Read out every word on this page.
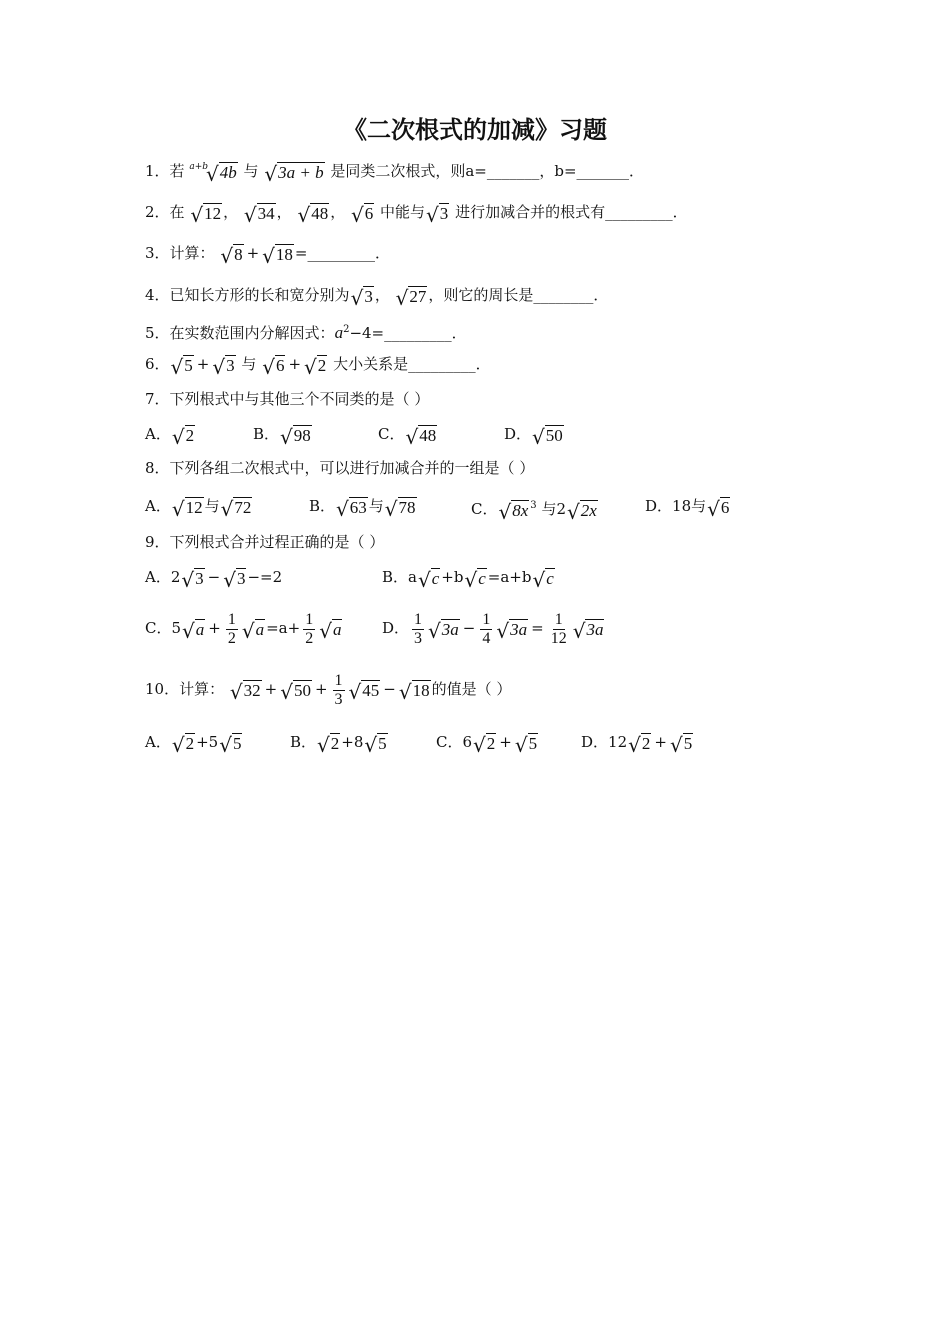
《二次根式的加减》习题
1．若 $^{a+b}$
√ 4b 与 √ 3a + b 是同类二次根式，则a=_______，b=_______．
2．在 √ 12 ， √ 34 ， √ 48 ， √ 6 中能与 √ 3 进行加减合并的根式有_________．
3．计算： √ 8 + √ 18 =_________．
4．已知长方形的长和宽分别为 √ 3 ， √ 27 ，则它的周长是________．
5．在实数范围内分解因式：$a^2-4=\_\_\_\_\_\_\_\_\_$．
6． √ 5 + √ 3 与 √ 6 + √ 2 大小关系是_________．
7．下列根式中与其他三个不同类的是（ ）
A． √ 2	B． √ 98	C． √ 48	D． √ 50
8．下列各组二次根式中，可以进行加减合并的一组是（ ）
A． √ 12 与 √ 72	B． √ 63 与 √ 78	C． √ 8x $^3$ 与2 √ 2x	D．18与 √ 6
9．下列根式合并过程正确的是（ ）
A．2 √ 3 − √ 3 −=2	B．a √ c +b √ c =a+b √ c
C．5 √ $a + \frac{1}{2}$ √ $a =a+ \frac{1}{2}$ √ a	D． $\frac{1}{3}$ √ $3a - \frac{1}{4}$ √ $3a = \frac{1}{12}$ √ 3a
10．计算： √ 32 + √ $50 + \frac{1}{3}$ √ 45 − √ 18 的值是（ ）
A． √ 2 +5 √ 5	B． √ 2 +8 √ 5	C．6 √ 2 + √ 5	D．12 √ 2 + √ 5
